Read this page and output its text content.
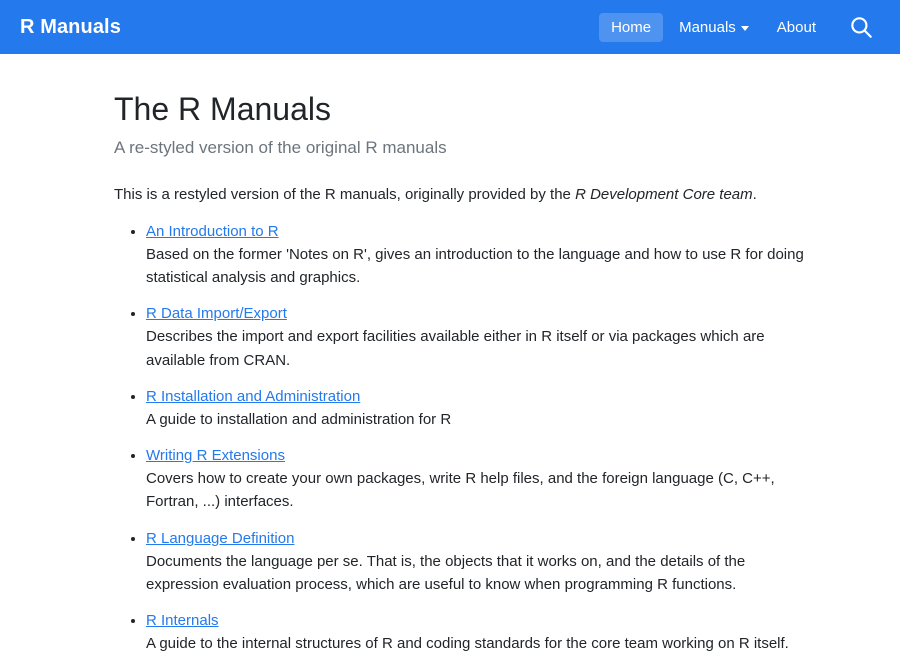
R Manuals	Home Manuals	About
The R Manuals

A re-styled version of the original R manuals

This is a restyled version of the R manuals, originally provided by the R Development Core team.

• An Introduction to R
Based on the former 'Notes on R', gives an introduction to the language and how to use R for doing statistical analysis and graphics.
• R Data Import/Export
Describes the import and export facilities available either in R itself or via packages which are available from CRAN.
• R Installation and Administration
A guide to installation and administration for R
• Writing R Extensions
Covers how to create your own packages, write R help files, and the foreign language (C, C++, Fortran, ...) interfaces.
• R Language Definition
Documents the language per se. That is, the objects that it works on, and the details of the expression evaluation process, which are useful to know when programming R functions.
• R Internals
A guide to the internal structures of R and coding standards for the core team working on R itself.
